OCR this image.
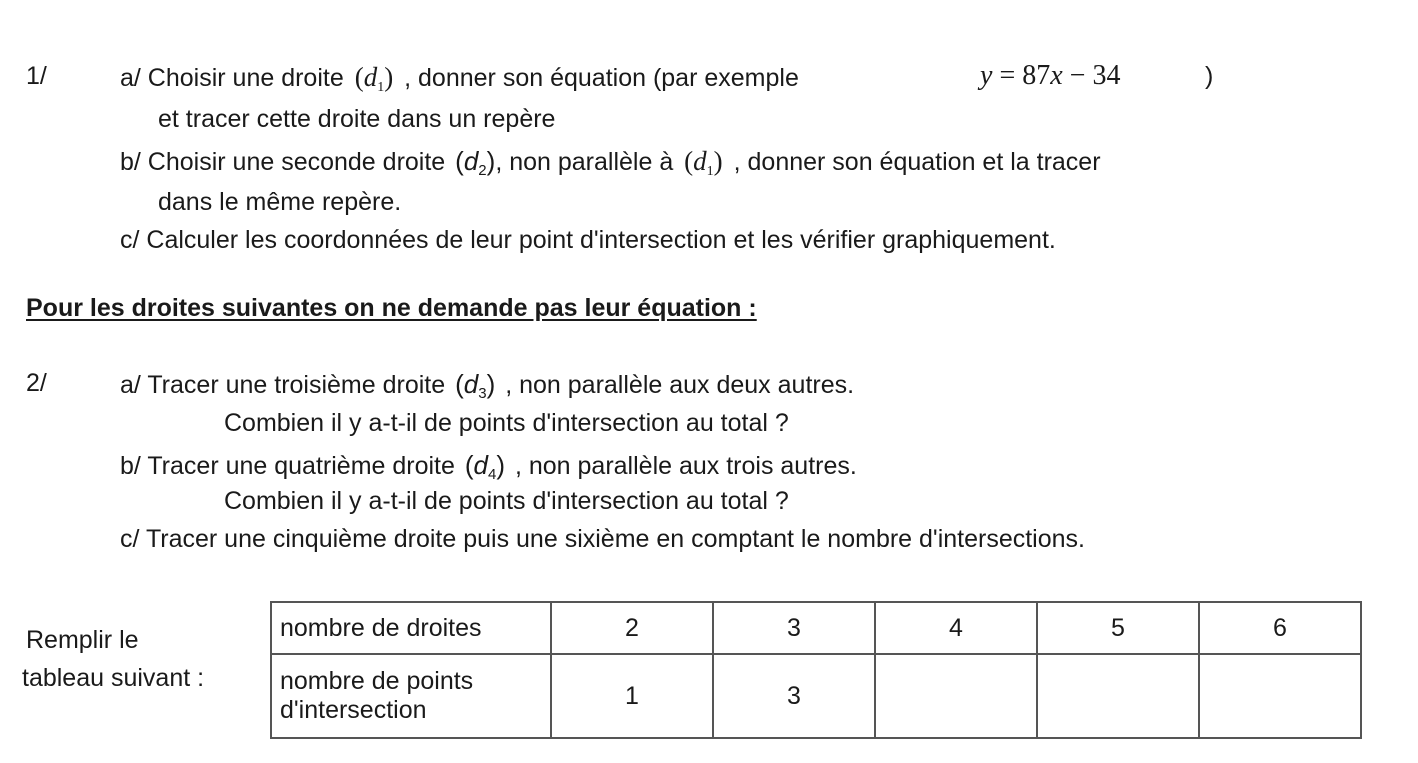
1/	a/ Choisir une droite $(d_1)$ , donner son équation (par exemple	y = 87x − 34	)
et tracer cette droite dans un repère
b/ Choisir une seconde droite $(d_2)$, non parallèle à $(d_1)$ , donner son équation et la tracer
dans le même repère.
c/ Calculer les coordonnées de leur point d'intersection et les vérifier graphiquement.
Pour les droites suivantes on ne demande pas leur équation :
2/	a/ Tracer une troisième droite $(d_3)$ , non parallèle aux deux autres.
Combien il y a-t-il de points d'intersection au total ?
b/ Tracer une quatrième droite $(d_4)$ , non parallèle aux trois autres.
Combien il y a-t-il de points d'intersection au total ?
c/ Tracer une cinquième droite puis une sixième en comptant le nombre d'intersections.
Remplir le
tableau suivant :
nombre de droites	2	3	4	5	6

nombre de points
d'intersection	1	3			
